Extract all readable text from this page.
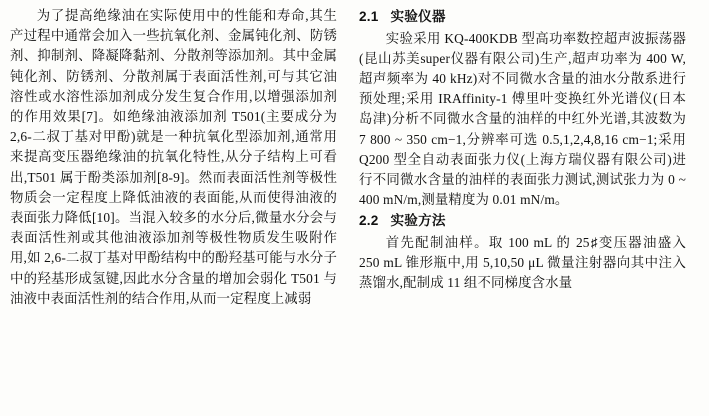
为了提高绝缘油在实际使用中的性能和寿命,其生产过程中通常会加入一些抗氧化剂、金属钝化剂、防锈剂、抑制剂、降凝降黏剂、分散剂等添加剂。其中金属钝化剂、防锈剂、分散剂属于表面活性剂,可与其它油溶性或水溶性添加剂成分发生复合作用,以增强添加剂的作用效果[7]。如绝缘油液添加剂 T501(主要成分为 2,6-二叔丁基对甲酚)就是一种抗氧化型添加剂,通常用来提高变压器绝缘油的抗氧化特性,从分子结构上可看出,T501 属于酚类添加剂[8-9]。然而表面活性剂等极性物质会一定程度上降低油液的表面能,从而使得油液的表面张力降低[10]。当混入较多的水分后,微量水分会与表面活性剂或其他油液添加剂等极性物质发生吸附作用,如 2,6-二叔丁基对甲酚结构中的酚羟基可能与水分子中的羟基形成氢键,因此水分含量的增加会弱化 T501 与油液中表面活性剂的结合作用,从而一定程度上减弱

2.1 实验仪器

实验采用 KQ-400KDB 型高功率数控超声波振荡器(昆山苏美super仪器有限公司)生产,超声功率为 400 W,超声频率为 40 kHz)对不同微水含量的油水分散系进行预处理;采用 IRAffinity-1 傅里叶变换红外光谱仪(日本岛津)分析不同微水含量的油样的中红外光谱,其波数为 7 800 ~ 350 cm−1,分辨率可选 0.5,1,2,4,8,16 cm−1;采用 Q200 型全自动表面张力仪(上海方瑞仪器有限公司)进行不同微水含量的油样的表面张力测试,测试张力为 0 ~ 400 mN/m,测量精度为 0.01 mN/m。

2.2 实验方法

首先配制油样。取 100 mL 的 25♯变压器油盛入 250 mL 锥形瓶中,用 5,10,50 μL 微量注射器向其中注入蒸馏水,配制成 11 组不同梯度含水量
